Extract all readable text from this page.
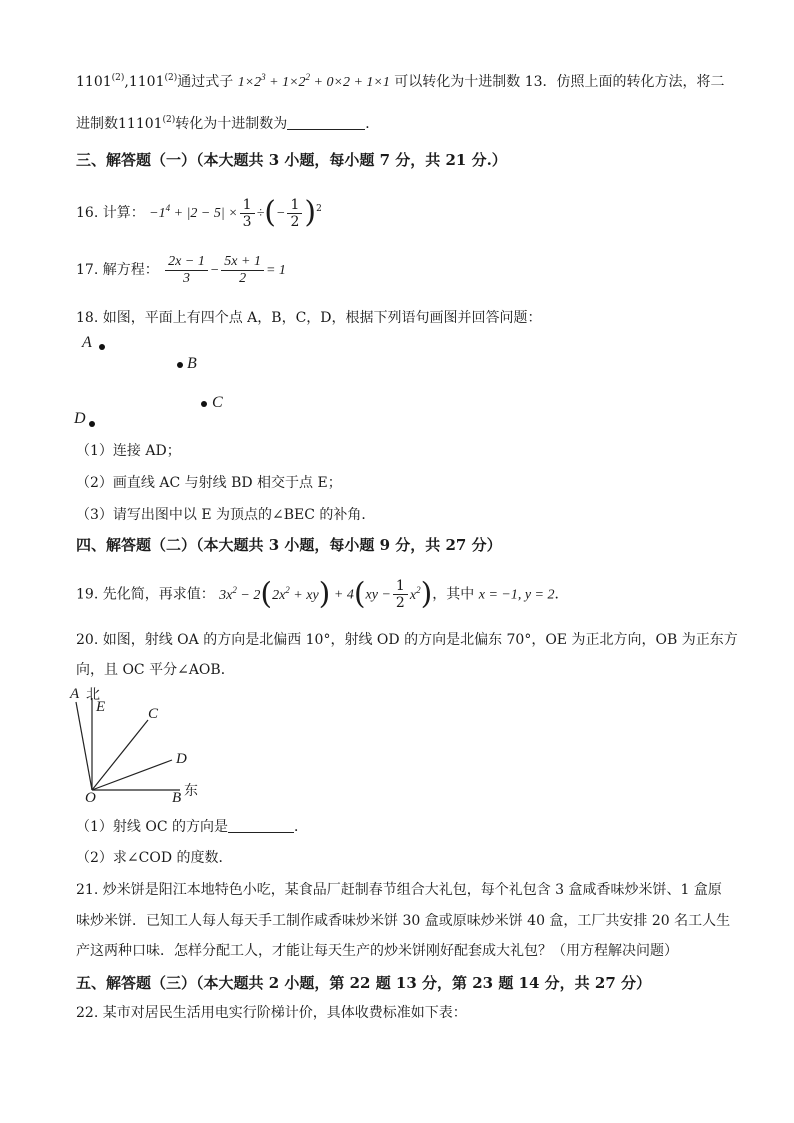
1101$^{(2)}$,1101$^{(2)}$通过式子 $1\times 2^3 + 1\times 2^2 + 0\times 2 + 1\times 1$ 可以转化为十进制数 13．仿照上面的转化方法，将二
进制数11101$^{(2)}$转化为十进制数为	．
三、解答题（一）（本大题共 3 小题，每小题 7 分，共 21 分.）
16. 计算： $-1^4 + |2 - 5| \times \frac{1}{3}$ ÷(− $\frac{1}{2} )^2$
17. 解方程： $\frac{2x - 1}{3} - \frac{5x + 1}{2} = 1$
18. 如图，平面上有四个点 A，B，C，D，根据下列语句画图并回答问题：
A
B
C
D
（1）连接 AD；
（2）画直线 AC 与射线 BD 相交于点 E；
（3）请写出图中以 E 为顶点的∠BEC 的补角．
四、解答题（二）（本大题共 3 小题，每小题 9 分，共 27 分）
19. 先化简，再求值： $3x^2 - 2(2x^2 + xy) + 4(xy - \frac{1}{2} x^2)$，其中 x = −1, y = 2．
20. 如图，射线 OA 的方向是北偏西 10°，射线 OD 的方向是北偏东 70°，OE 为正北方向，OB 为正东方
向，且 OC 平分∠AOB．
A 北
E	C
D
东
O	B
（1）射线 OC 的方向是	．
（2）求∠COD 的度数．
21. 炒米饼是阳江本地特色小吃，某食品厂赶制春节组合大礼包，每个礼包含 3 盒咸香味炒米饼、1 盒原
味炒米饼．已知工人每人每天手工制作咸香味炒米饼 30 盒或原味炒米饼 40 盒，工厂共安排 20 名工人生
产这两种口味．怎样分配工人，才能让每天生产的炒米饼刚好配套成大礼包？（用方程解决问题）
五、解答题（三）（本大题共 2 小题，第 22 题 13 分，第 23 题 14 分，共 27 分）
22. 某市对居民生活用电实行阶梯计价，具体收费标准如下表：
